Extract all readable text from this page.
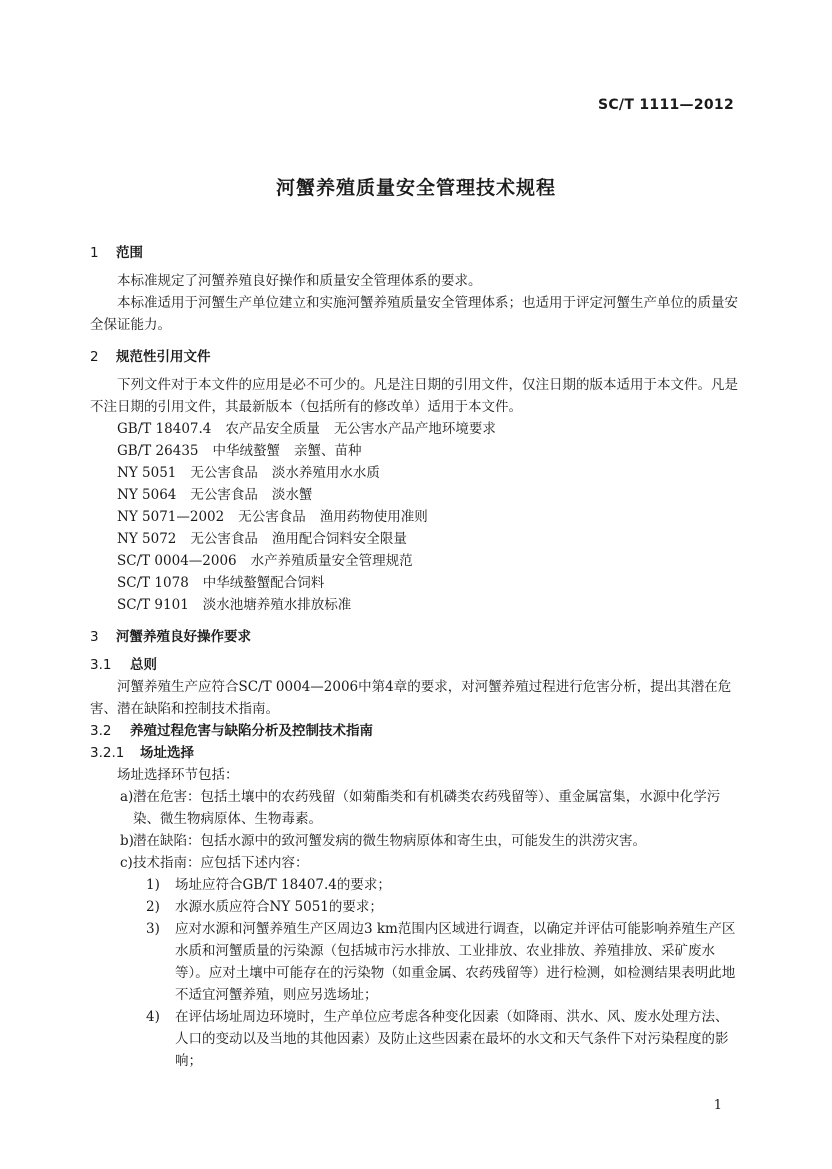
SC/T 1111—2012
河蟹养殖质量安全管理技术规程
1 范围

本标准规定了河蟹养殖良好操作和质量安全管理体系的要求。

本标准适用于河蟹生产单位建立和实施河蟹养殖质量安全管理体系；也适用于评定河蟹生产单位的质量安全保证能力。

2 规范性引用文件

下列文件对于本文件的应用是必不可少的。凡是注日期的引用文件，仅注日期的版本适用于本文件。凡是不注日期的引用文件，其最新版本（包括所有的修改单）适用于本文件。

GB/T 18407.4 农产品安全质量 无公害水产品产地环境要求
GB/T 26435 中华绒螯蟹 亲蟹、苗种
NY 5051 无公害食品 淡水养殖用水水质
NY 5064 无公害食品 淡水蟹
NY 5071—2002 无公害食品 渔用药物使用准则
NY 5072 无公害食品 渔用配合饲料安全限量
SC/T 0004—2006 水产养殖质量安全管理规范
SC/T 1078 中华绒螯蟹配合饲料
SC/T 9101 淡水池塘养殖水排放标准
3 河蟹养殖良好操作要求
3.1 总则

河蟹养殖生产应符合SC/T 0004—2006中第4章的要求，对河蟹养殖过程进行危害分析，提出其潜在危害、潜在缺陷和控制技术指南。

3.2 养殖过程危害与缺陷分析及控制技术指南
3.2.1 场址选择

场址选择环节包括：

a) 潜在危害：包括土壤中的农药残留（如菊酯类和有机磷类农药残留等）、重金属富集，水源中化学污染、微生物病原体、生物毒素。
b) 潜在缺陷：包括水源中的致河蟹发病的微生物病原体和寄生虫，可能发生的洪涝灾害。
c) 技术指南：应包括下述内容：
1) 场址应符合GB/T 18407.4的要求；
2) 水源水质应符合NY 5051的要求；
3) 应对水源和河蟹养殖生产区周边3 km范围内区域进行调查，以确定并评估可能影响养殖生产区水质和河蟹质量的污染源（包括城市污水排放、工业排放、农业排放、养殖排放、采矿废水等）。应对土壤中可能存在的污染物（如重金属、农药残留等）进行检测，如检测结果表明此地不适宜河蟹养殖，则应另选场址；
4) 在评估场址周边环境时，生产单位应考虑各种变化因素（如降雨、洪水、风、废水处理方法、人口的变动以及当地的其他因素）及防止这些因素在最坏的水文和天气条件下对污染程度的影响；
1
